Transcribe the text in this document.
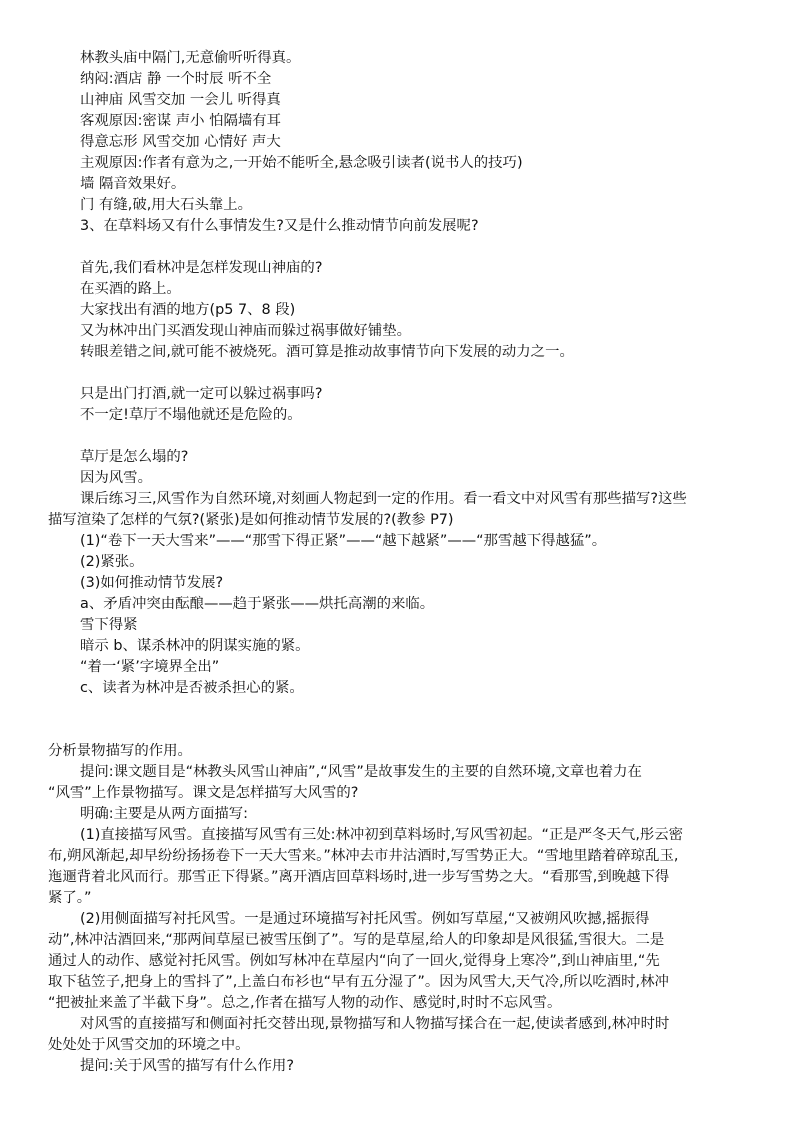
林教头庙中隔门,无意偷听听得真。
纳闷:酒店 静 一个时辰 听不全
山神庙 风雪交加 一会儿 听得真
客观原因:密谋 声小 怕隔墙有耳
得意忘形 风雪交加 心情好 声大
主观原因:作者有意为之,一开始不能听全,悬念吸引读者(说书人的技巧)
墙 隔音效果好。
门 有缝,破,用大石头靠上。
3、在草料场又有什么事情发生?又是什么推动情节向前发展呢?
首先,我们看林冲是怎样发现山神庙的?
在买酒的路上。
大家找出有酒的地方(p5 7、8 段)
又为林冲出门买酒发现山神庙而躲过祸事做好铺垫。
转眼差错之间,就可能不被烧死。酒可算是推动故事情节向下发展的动力之一。
只是出门打酒,就一定可以躲过祸事吗?
不一定!草厅不塌他就还是危险的。
草厅是怎么塌的?
因为风雪。
课后练习三,风雪作为自然环境,对刻画人物起到一定的作用。看一看文中对风雪有那些描写?这些
描写渲染了怎样的气氛?(紧张)是如何推动情节发展的?(教参 P7)
(1)“卷下一天大雪来”——“那雪下得正紧”——“越下越紧”——“那雪越下得越猛”。
(2)紧张。
(3)如何推动情节发展?
a、矛盾冲突由酝酿——趋于紧张——烘托高潮的来临。
雪下得紧
暗示 b、谋杀林冲的阴谋实施的紧。
“着一‘紧’字境界全出”
c、读者为林冲是否被杀担心的紧。
分析景物描写的作用。
提问:课文题目是“林教头风雪山神庙”,“风雪”是故事发生的主要的自然环境,文章也着力在
“风雪”上作景物描写。课文是怎样描写大风雪的?
明确:主要是从两方面描写:
(1)直接描写风雪。直接描写风雪有三处:林冲初到草料场时,写风雪初起。“正是严冬天气,彤云密
布,朔风渐起,却早纷纷扬扬卷下一天大雪来。”林冲去市井沽酒时,写雪势正大。“雪地里踏着碎琼乱玉,
迤逦背着北风而行。那雪正下得紧。”离开酒店回草料场时,进一步写雪势之大。“看那雪,到晚越下得
紧了。”
(2)用侧面描写衬托风雪。一是通过环境描写衬托风雪。例如写草屋,“又被朔风吹撼,摇振得
动”,林冲沽酒回来,“那两间草屋已被雪压倒了”。写的是草屋,给人的印象却是风很猛,雪很大。二是
通过人的动作、感觉衬托风雪。例如写林冲在草屋内“向了一回火,觉得身上寒冷”,到山神庙里,“先
取下毡笠子,把身上的雪抖了”,上盖白布衫也“早有五分湿了”。因为风雪大,天气冷,所以吃酒时,林冲
“把被扯来盖了半截下身”。总之,作者在描写人物的动作、感觉时,时时不忘风雪。
对风雪的直接描写和侧面衬托交替出现,景物描写和人物描写揉合在一起,使读者感到,林冲时时
处处处于风雪交加的环境之中。
提问:关于风雪的描写有什么作用?
